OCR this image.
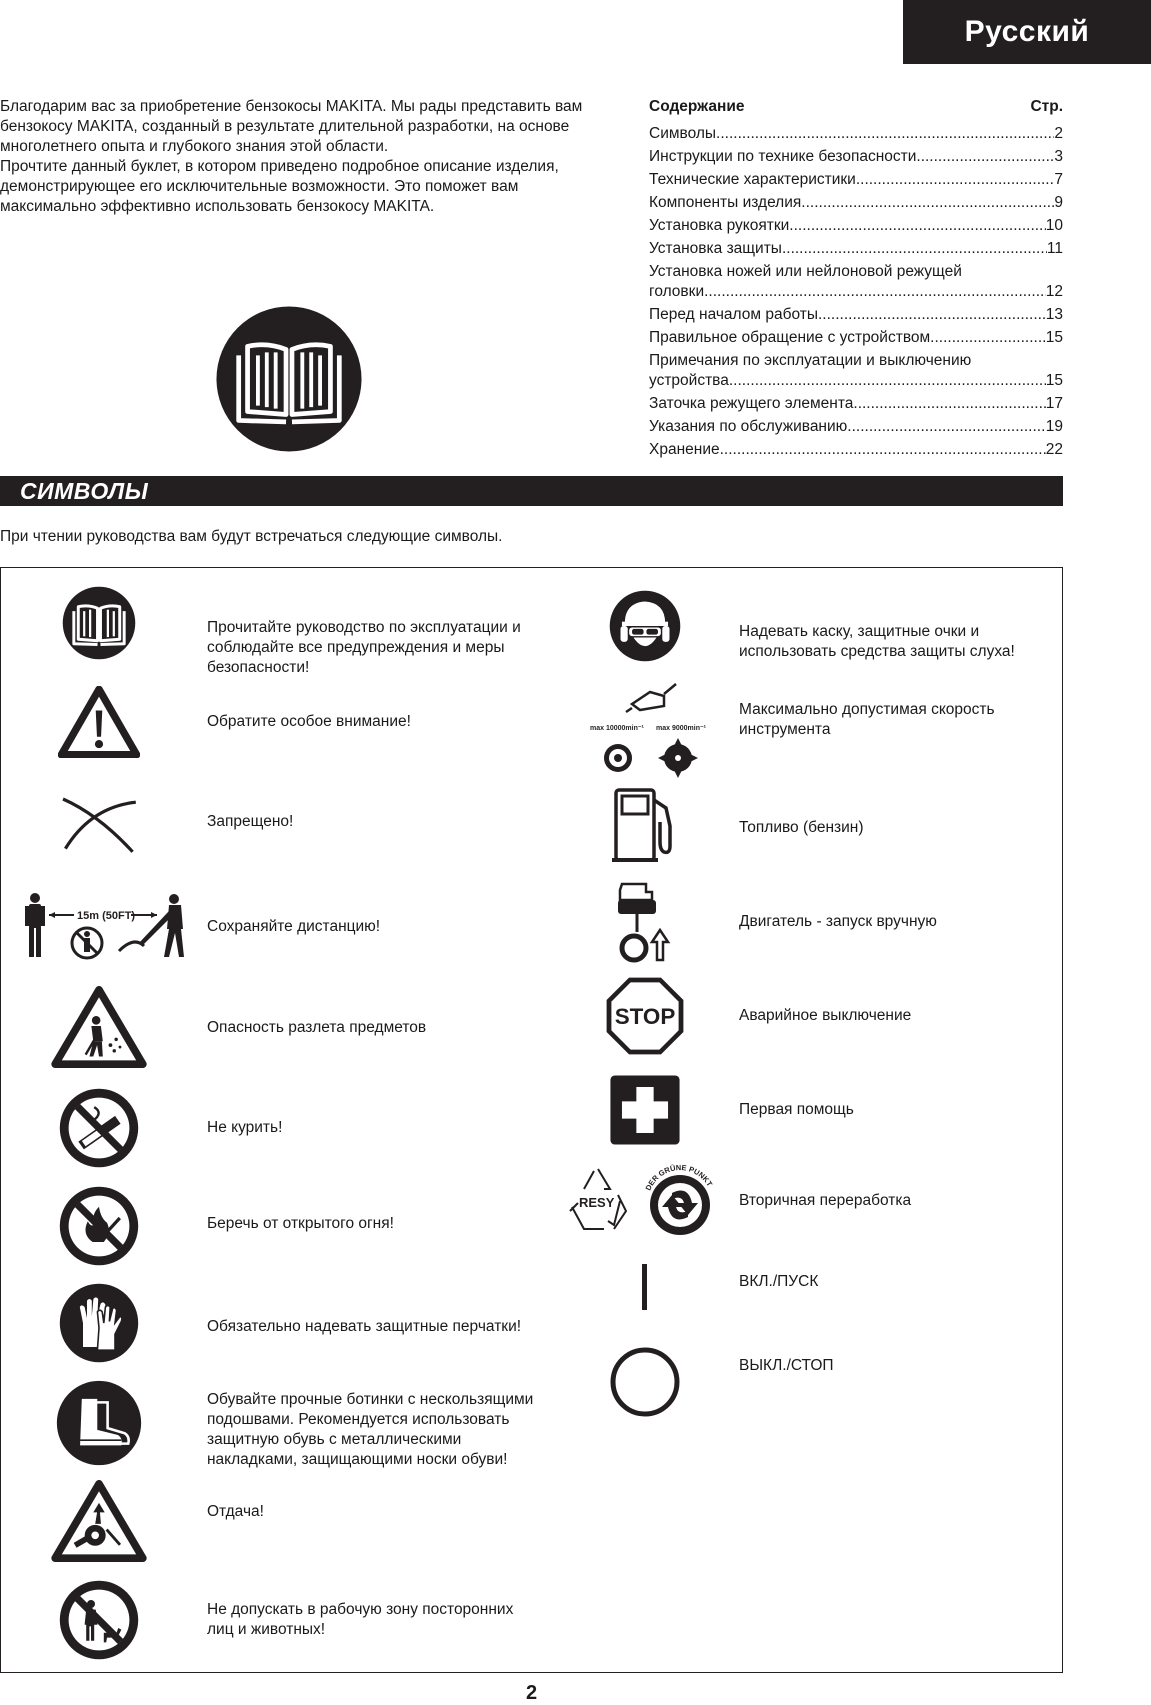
Русский

Благодарим вас за приобретение бензокосы MAKITA. Мы рады представить вам бензокосу MAKITA, созданный в результате длительной разработки, на основе многолетнего опыта и глубокого знания этой области.

Прочтите данный буклет, в котором приведено подробное описание изделия, демонстрирующее его исключительные возможности. Это поможет вам максимально эффективно использовать бензокосу MAKITA.

Содержание	Стр.
Символы .....	2
Инструкции по технике безопасности .....	3
Технические характеристики .....	7
Компоненты изделия .....	9
Установка рукоятки .....	10
Установка защиты .....	11
Установка ножей или нейлоновой режущей
головки .....	12
Перед началом работы .....	13
Правильное обращение с устройством .....	15
Примечания по эксплуатации и выключению
устройства .....	15
Заточка режущего элемента .....	17
Указания по обслуживанию .....	19
Хранение .....	22
СИМВОЛЫ
При чтении руководства вам будут встречаться следующие символы.
Прочитайте руководство по эксплуатации и соблюдайте все предупреждения и меры безопасности!
Обратите особое внимание!
Запрещено!
15m (50FT)
Сохраняйте дистанцию!
Опасность разлета предметов
Не курить!
Беречь от открытого огня!
Обязательно надевать защитные перчатки!
Обувайте прочные ботинки с нескользящими подошвами. Рекомендуется использовать защитную обувь с металлическими накладками, защищающими носки обуви!
Отдача!
Не допускать в рабочую зону посторонних лиц и животных!
Надевать каску, защитные очки и использовать средства защиты слуха!
max 10000min⁻¹ max 9000min⁻¹
Максимально допустимая скорость инструмента
Топливо (бензин)
Двигатель - запуск вручную
STOP	Аварийное выключение
Первая помощь
RESY
DER GRÜNE PUNKT
Вторичная переработка
ВКЛ./ПУСК
ВЫКЛ./СТОП
2
